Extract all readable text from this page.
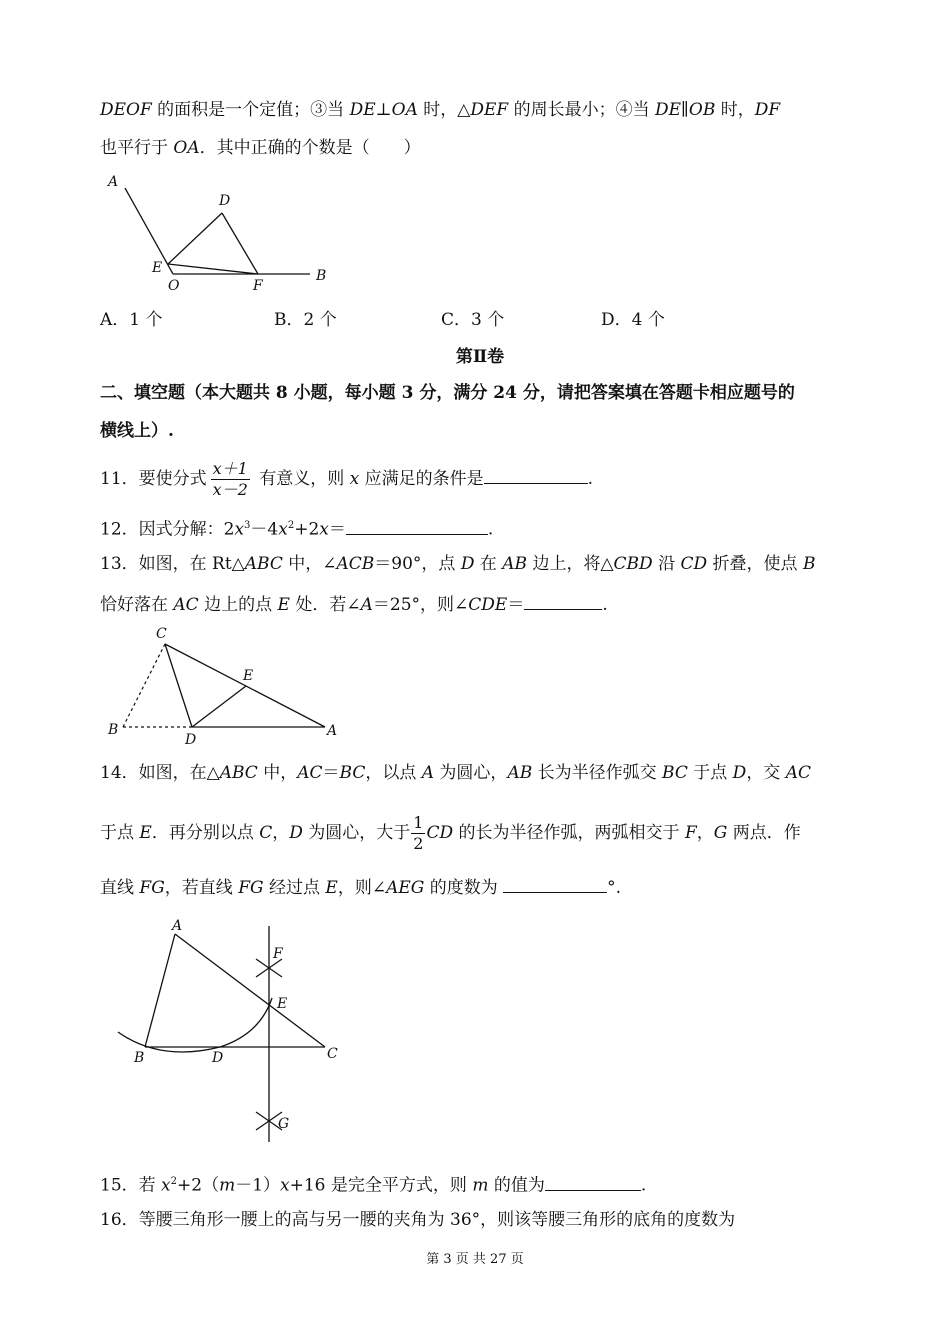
DEOF 的面积是一个定值；③当 DE⊥OA 时，△DEF 的周长最小；④当 DE∥OB 时，DF
也平行于 OA．其中正确的个数是（　　）
A
D
E
O	F
B
A．1 个	B．2 个	C．3 个	D．4 个
第Ⅱ卷
二、填空题（本大题共 8 小题，每小题 3 分，满分 24 分，请把答案填在答题卡相应题号的
横线上）.
11．要使分式 $\frac{x+1}{x-2}$ 有意义，则 x 应满足的条件是	.
12．因式分解：$2x^3-4x^2+2x=$	.
13．如图，在 Rt△ABC 中，∠ACB＝90°，点 D 在 AB 边上，将△CBD 沿 CD 折叠，使点 B
恰好落在 AC 边上的点 E 处．若∠A＝25°，则∠CDE＝	.
C
E
B
D
A
14．如图，在△ABC 中，AC＝BC，以点 A 为圆心，AB 长为半径作弧交 BC 于点 D，交 AC
于点 E．再分别以点 C，D 为圆心，大于 $\frac{1}{2}$ CD 的长为半径作弧，两弧相交于 F，G 两点．作
直线 FG，若直线 FG 经过点 E，则∠AEG 的度数为	°.
A
F
E
B	D	C
G
15．若 $x^2+2(m-1)x+16$ 是完全平方式，则 m 的值为	.
16．等腰三角形一腰上的高与另一腰的夹角为 36°，则该等腰三角形的底角的度数为
第 3 页 共 27 页
